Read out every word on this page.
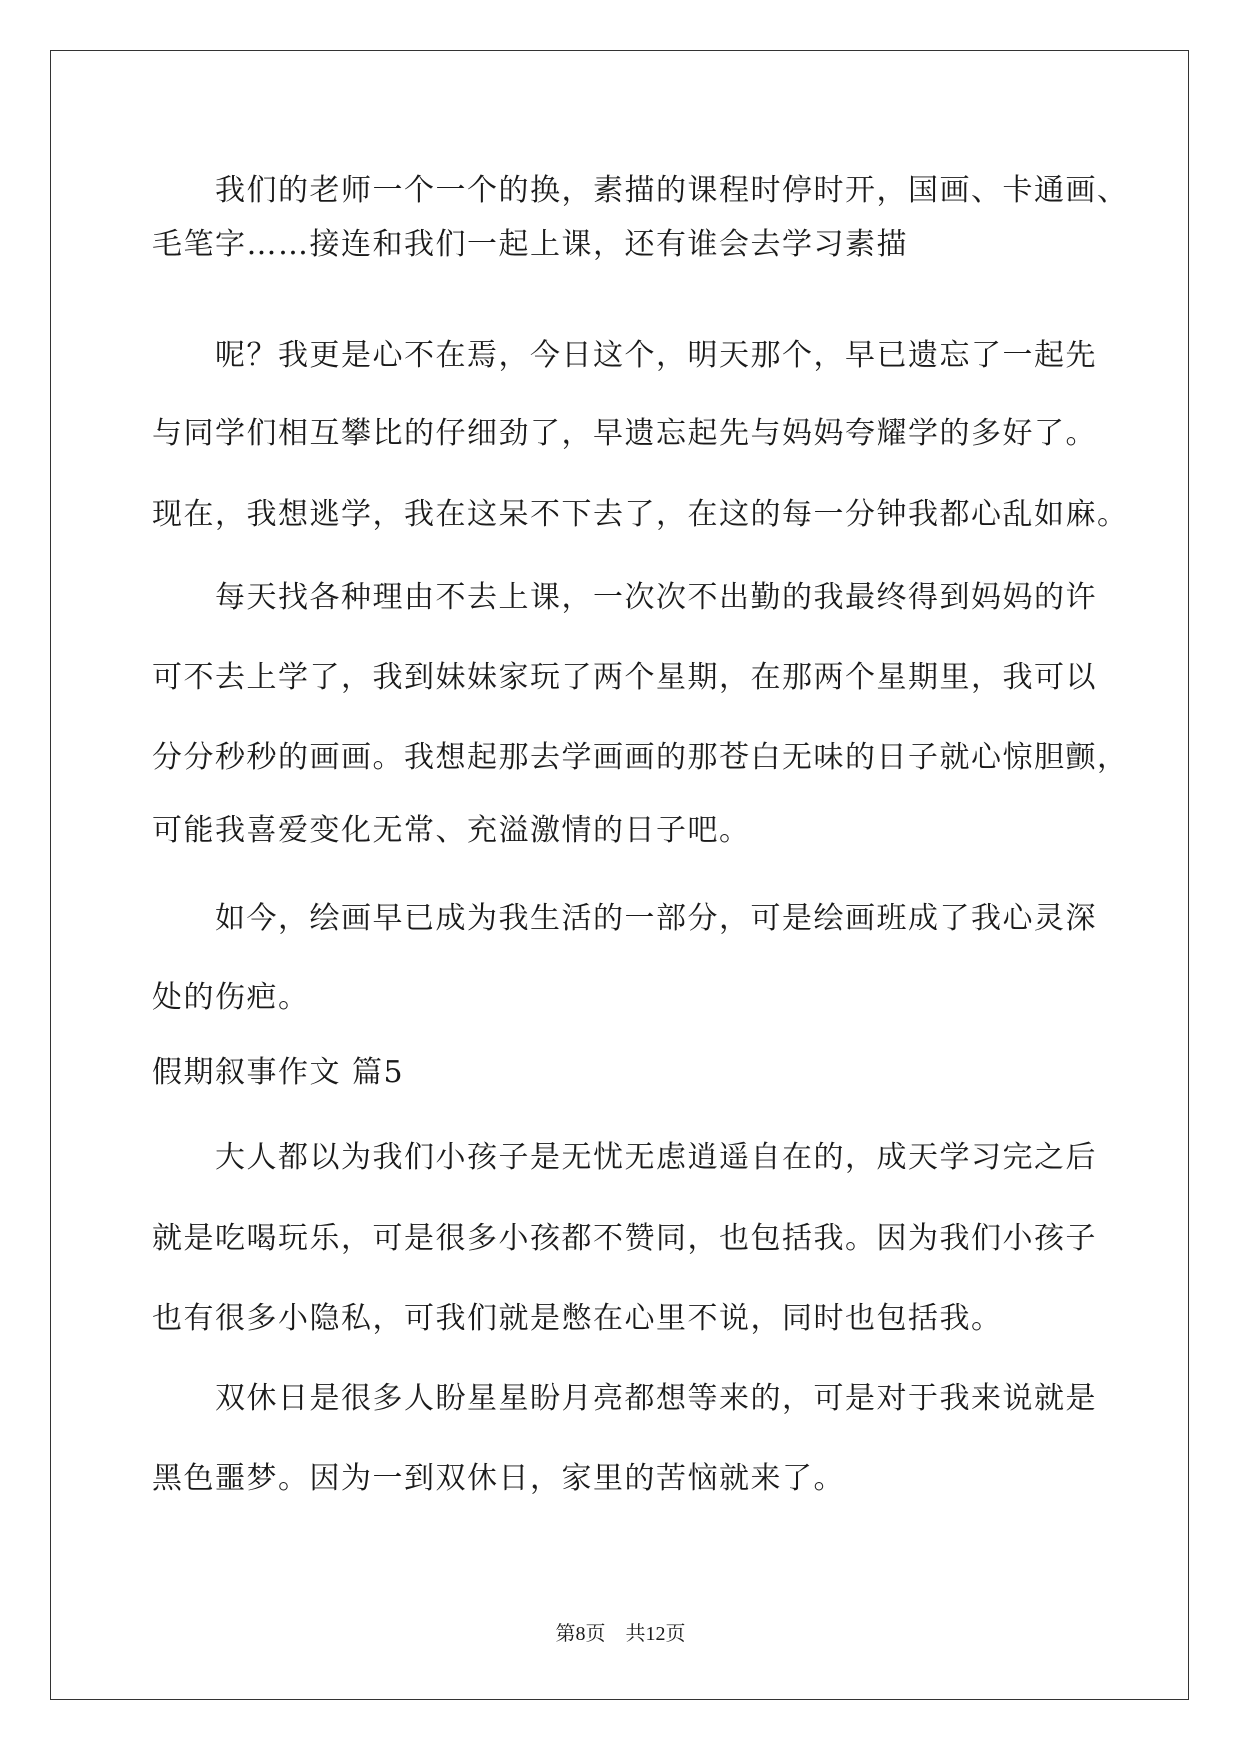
我们的老师一个一个的换，素描的课程时停时开，国画、卡通画、
毛笔字……接连和我们一起上课，还有谁会去学习素描
呢？我更是心不在焉，今日这个，明天那个，早已遗忘了一起先
与同学们相互攀比的仔细劲了，早遗忘起先与妈妈夸耀学的多好了。
现在，我想逃学，我在这呆不下去了，在这的每一分钟我都心乱如麻。
每天找各种理由不去上课，一次次不出勤的我最终得到妈妈的许
可不去上学了，我到妹妹家玩了两个星期，在那两个星期里，我可以
分分秒秒的画画。我想起那去学画画的那苍白无味的日子就心惊胆颤，
可能我喜爱变化无常、充溢激情的日子吧。
如今，绘画早已成为我生活的一部分，可是绘画班成了我心灵深
处的伤疤。
假期叙事作文 篇5
大人都以为我们小孩子是无忧无虑逍遥自在的，成天学习完之后
就是吃喝玩乐，可是很多小孩都不赞同，也包括我。因为我们小孩子
也有很多小隐私，可我们就是憋在心里不说，同时也包括我。
双休日是很多人盼星星盼月亮都想等来的，可是对于我来说就是
黑色噩梦。因为一到双休日，家里的苦恼就来了。
第8页　共12页
